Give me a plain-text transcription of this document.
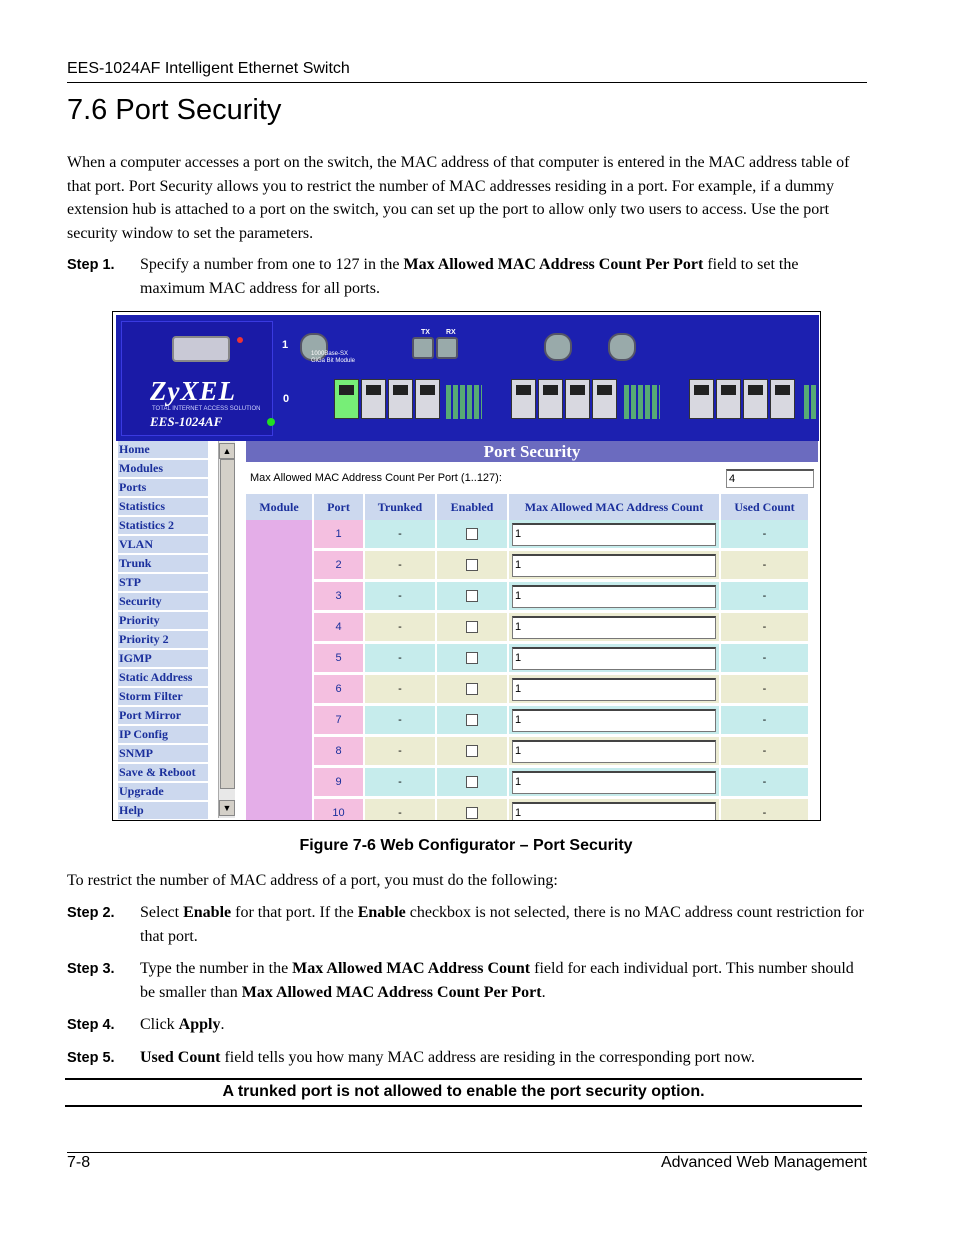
EES-1024AF Intelligent Ethernet Switch
7.6 Port Security
When a computer accesses a port on the switch, the MAC address of that computer is entered in the MAC address table of that port. Port Security allows you to restrict the number of MAC addresses residing in a port. For example, if a dummy extension hub is attached to a port on the switch, you can set up the port to allow only two users to access. Use the port security window to set the parameters.
Step 1. Specify a number from one to 127 in the Max Allowed MAC Address Count Per Port field to set the maximum MAC address for all ports.
ZyXEL
TOTAL INTERNET ACCESS SOLUTION
EES-1024AF
1
0
1000Base-SX
GiGa Bit Module
TX RX
Home
Modules
Ports
Statistics
Statistics 2
VLAN
Trunk
STP
Security
Priority
Priority 2
IGMP
Static Address
Storm Filter
Port Mirror
IP Config
SNMP
Save & Reboot
Upgrade
Help
▲
▼
Port Security
Max Allowed MAC Address Count Per Port (1..127):	4
Module	Port	Trunked	Enabled	Max Allowed MAC Address Count	Used Count
	1	-		1	-
	2	-		1	-
	3	-		1	-
	4	-		1	-
	5	-		1	-
	6	-		1	-
	7	-		1	-
	8	-		1	-
	9	-		1	-
	10	-		1	-
Figure 7-6 Web Configurator – Port Security
To restrict the number of MAC address of a port, you must do the following:
Step 2. Select Enable for that port. If the Enable checkbox is not selected, there is no MAC address count restriction for that port.
Step 3. Type the number in the Max Allowed MAC Address Count field for each individual port. This number should be smaller than Max Allowed MAC Address Count Per Port.
Step 4. Click Apply.
Step 5. Used Count field tells you how many MAC address are residing in the corresponding port now.
A trunked port is not allowed to enable the port security option.
7-8	Advanced Web Management
